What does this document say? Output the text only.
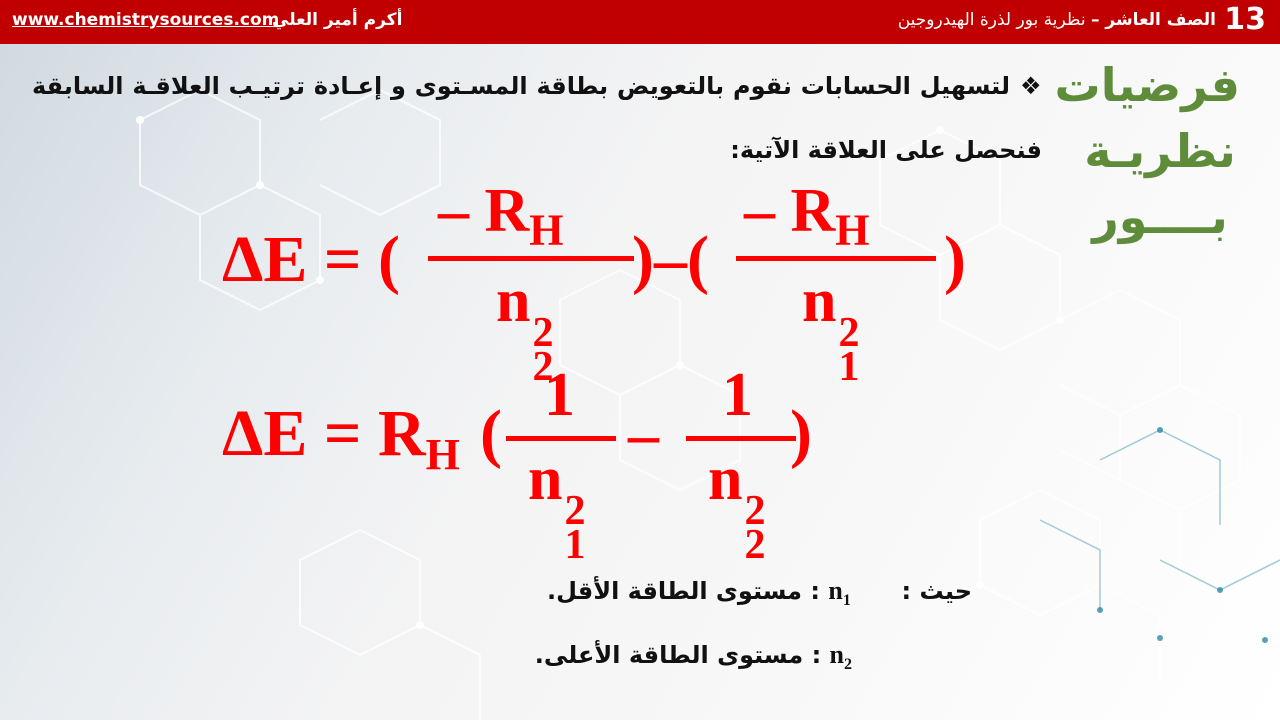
13
الصف العاشر – نظرية بور لذرة الهيدروجين
أكرم أمير العلي
www.chemistrysources.com
فرضيات
نظريـة
بــــور
❖لتسهيل الحسابات نقوم بالتعويض بطاقة المسـتوى و إعـادة ترتيـب العلاقـة السابقة فنحصل على العلاقة الآتية:
ΔE = (
– $R_H$
n 2
2
)–(
– $R_H$
n 2
1
)
$\Delta E = R_H$ (
1
n 2
1
–
1
n 2
2
)
حيث :  $n_1$ : مستوى الطاقة الأقل.
$n_2$ : مستوى الطاقة الأعلى.
